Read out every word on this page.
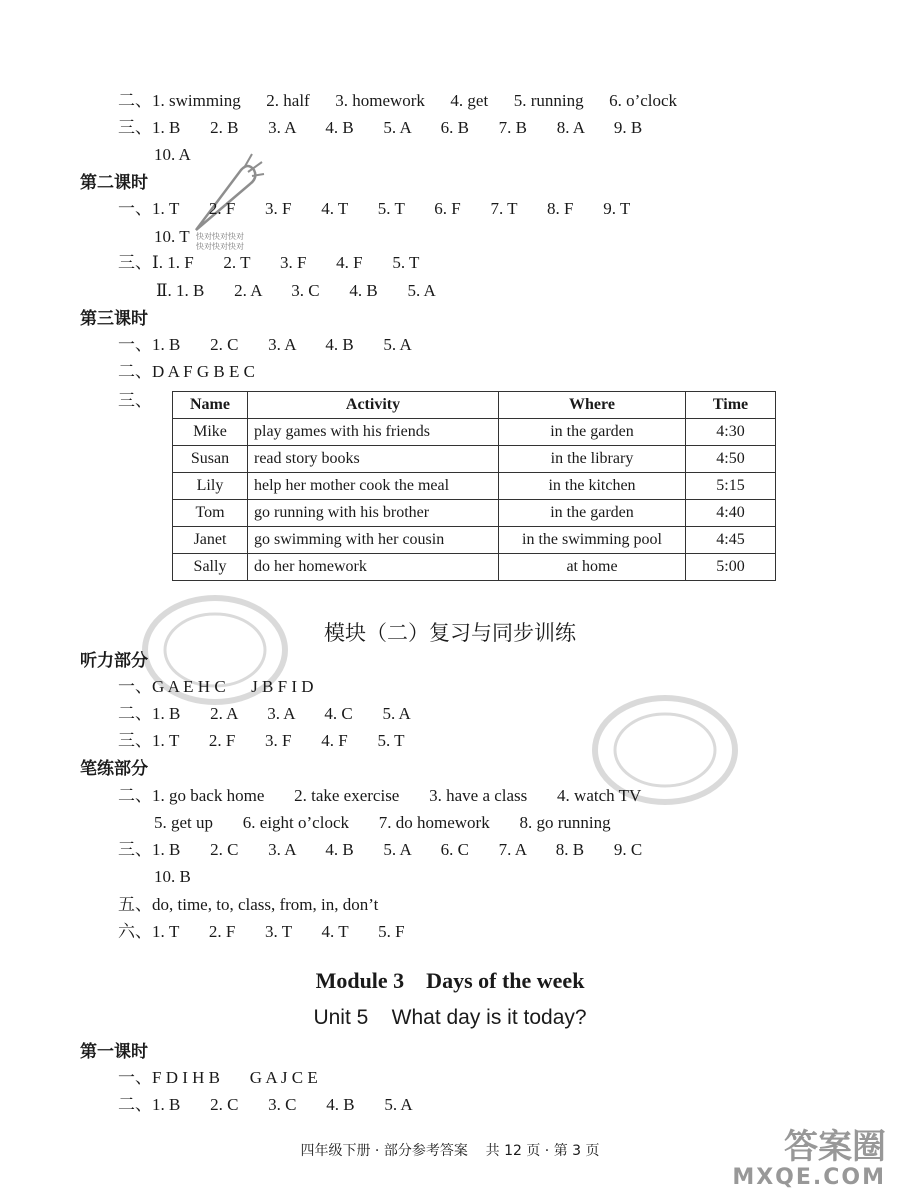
快对快对快对
快对快对快对
二、1. swimming      2. half      3. homework      4. get      5. running      6. o’clock
三、1. B       2. B       3. A       4. B       5. A       6. B       7. B       8. A       9. B
10. A
第二课时
一、1. T       2. F       3. F       4. T       5. T       6. F       7. T       8. F       9. T
10. T
三、Ⅰ. 1. F       2. T       3. F       4. F       5. T
Ⅱ. 1. B       2. A       3. C       4. B       5. A
第三课时
一、1. B       2. C       3. A       4. B       5. A
二、D A F G B E C
三、 Name	Activity	Where	Time
Mike	play games with his friends	in the garden	4:30
Susan	read story books	in the library	4:50
Lily	help her mother cook the meal	in the kitchen	5:15
Tom	go running with his brother	in the garden	4:40
Janet	go swimming with her cousin	in the swimming pool	4:45
Sally	do her homework	at home	5:00
模块（二）复习与同步训练
听力部分
一、G A E H C      J B F I D
二、1. B       2. A       3. A       4. C       5. A
三、1. T       2. F       3. F       4. F       5. T
笔练部分
二、1. go back home       2. take exercise       3. have a class       4. watch TV
5. get up       6. eight o’clock       7. do homework       8. go running
三、1. B       2. C       3. A       4. B       5. A       6. C       7. A       8. B       9. C
10. B
五、do, time, to, class, from, in, don’t
六、1. T       2. F       3. T       4. T       5. F
Module 3    Days of the week
Unit 5    What day is it today?
第一课时
一、F D I H B       G A J C E
二、1. B       2. C       3. C       4. B       5. A
四年级下册 · 部分参考答案    共 12 页 · 第 3 页	答案圈
MXQE.COM
